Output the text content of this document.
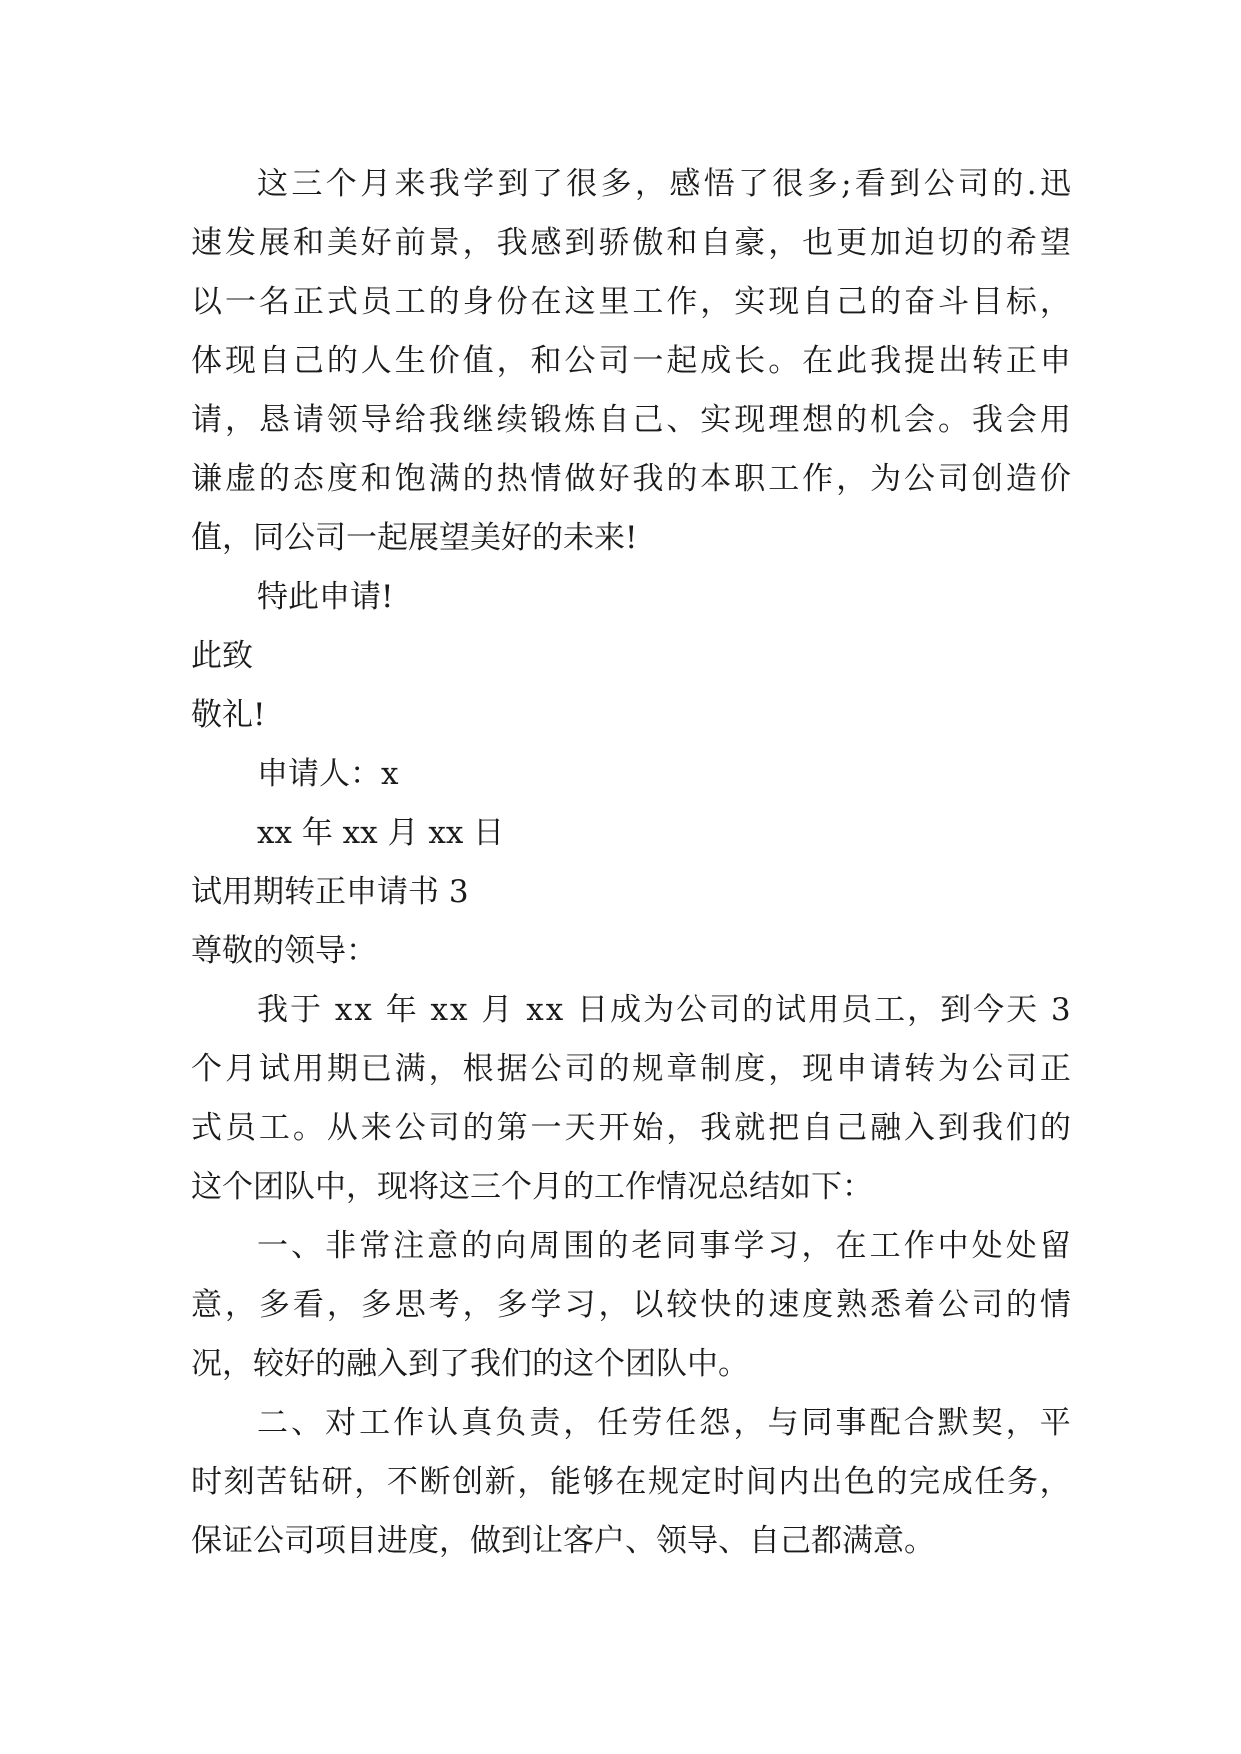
这 三 个 月 来 我 学 到 了 很 多 ， 感 悟 了 很 多 ; 看 到 公 司 的 . 迅
速 发 展 和 美 好 前 景 ， 我 感 到 骄 傲 和 自 豪 ， 也 更 加 迫 切 的 希 望
以 一 名 正 式 员 工 的 身 份 在 这 里 工 作 ， 实 现 自 己 的 奋 斗 目 标 ，
体 现 自 己 的 人 生 价 值 ， 和 公 司 一 起 成 长 。 在 此 我 提 出 转 正 申
请 ， 恳 请 领 导 给 我 继 续 锻 炼 自 己 、 实 现 理 想 的 机 会 。 我 会 用
谦 虚 的 态 度 和 饱 满 的 热 情 做 好 我 的 本 职 工 作 ， 为 公 司 创 造 价
值，同公司一起展望美好的未来!
特此申请!
此致
敬礼!
申请人：x
xx 年 xx 月 xx 日
试用期转正申请书 3
尊敬的领导：
我 于
x x
年
x x
月
x x
日 成 为 公 司 的 试 用 员 工 ， 到 今 天
3
个 月 试 用 期 已 满 ， 根 据 公 司 的 规 章 制 度 ， 现 申 请 转 为 公 司 正
式 员 工 。 从 来 公 司 的 第 一 天 开 始 ， 我 就 把 自 己 融 入 到 我 们 的
这个团队中，现将这三个月的工作情况总结如下：
一 、 非 常 注 意 的 向 周 围 的 老 同 事 学 习 ， 在 工 作 中 处 处 留
意 ， 多 看 ， 多 思 考 ， 多 学 习 ， 以 较 快 的 速 度 熟 悉 着 公 司 的 情
况，较好的融入到了我们的这个团队中。
二 、 对 工 作 认 真 负 责 ， 任 劳 任 怨 ， 与 同 事 配 合 默 契 ， 平
时 刻 苦 钻 研 ， 不 断 创 新 ， 能 够 在 规 定 时 间 内 出 色 的 完 成 任 务 ，
保证公司项目进度，做到让客户、领导、自己都满意。
